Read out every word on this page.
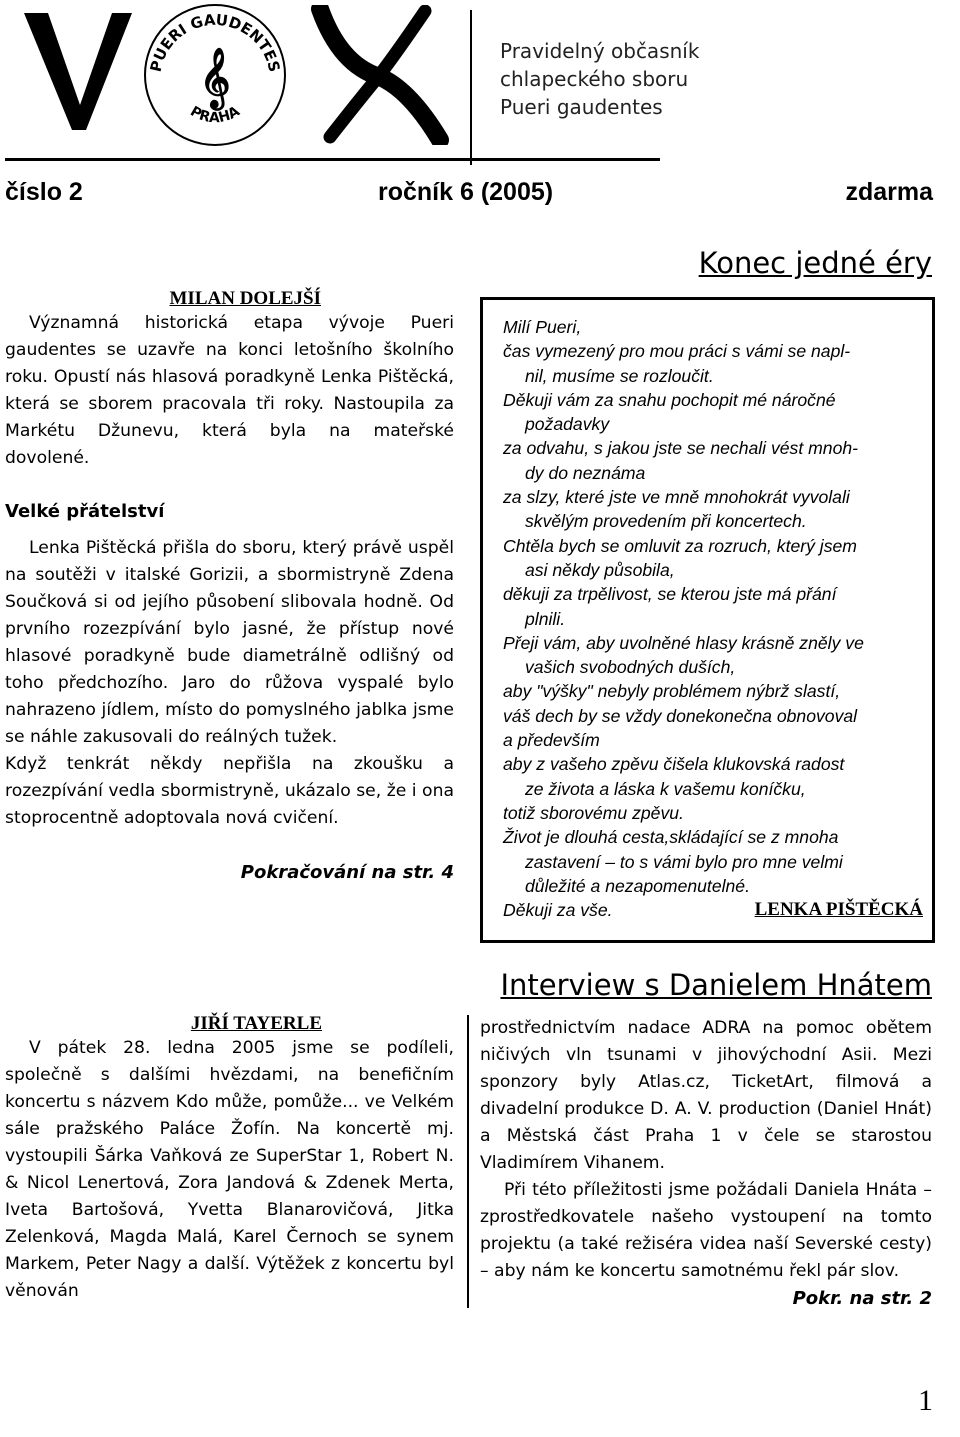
PUERI GAUDENTES
PRAHA
𝄞	Pravidelný občasník
chlapeckého sboru
Pueri gaudentes
číslo 2	ročník 6 (2005)	zdarma
MILAN DOLEJŠÍ
Významná historická etapa vývoje Pueri gaudentes se uzavře na konci letošního školního roku. Opustí nás hlasová poradkyně Lenka Pištěcká, která se sborem pracovala tři roky. Nastoupila za Markétu Džunevu, která byla na mateřské dovolené.
Velké přátelství
Lenka Pištěcká přišla do sboru, který právě uspěl na soutěži v italské Gorizii, a sbormistryně Zdena Součková si od jejího působení slibovala hodně. Od prvního rozezpívání bylo jasné, že přístup nové hlasové poradkyně bude diametrálně odlišný od toho předchozího. Jaro do růžova vyspalé bylo nahrazeno jídlem, místo do pomyslného jablka jsme se náhle zakusovali do reálných tužek.
Když tenkrát někdy nepřišla na zkoušku a rozezpívání vedla sbormistryně, ukázalo se, že i ona stoprocentně adoptovala nová cvičení.
Pokračování na str. 4
Konec jedné éry
Milí Pueri,
čas vymezený pro mou práci s vámi se napl-
nil, musíme se rozloučit.
Děkuji vám za snahu pochopit mé náročné
požadavky
za odvahu, s jakou jste se nechali vést mnoh-
dy do neznáma
za slzy, které jste ve mně mnohokrát vyvolali
skvělým provedením při koncertech.
Chtěla bych se omluvit za rozruch, který jsem
asi někdy působila,
děkuji za trpělivost, se kterou jste má přání
plnili.
Přeji vám, aby uvolněné hlasy krásně zněly ve
vašich svobodných duších,
aby "výšky" nebyly problémem nýbrž slastí,
váš dech by se vždy donekonečna obnovoval
a především
aby z vašeho zpěvu čišela klukovská radost
ze života a láska k vašemu koníčku,
totiž sborovému zpěvu.
Život je dlouhá cesta,skládající se z mnoha
zastavení – to s vámi bylo pro mne velmi
důležité a nezapomenutelné.
Děkuji za vše.	LENKA PIŠTĚCKÁ
Interview s Danielem Hnátem
JIŘÍ TAYERLE
V pátek 28. ledna 2005 jsme se podíleli, společně s dalšími hvězdami, na benefičním koncertu s názvem Kdo může, pomůže... ve Velkém sále pražského Paláce Žofín. Na koncertě mj. vystoupili Šárka Vaňková ze SuperStar 1, Robert N. & Nicol Lenertová, Zora Jandová & Zdenek Merta, Iveta Bartošová, Yvetta Blanarovičová, Jitka Zelenková, Magda Malá, Karel Černoch se synem Markem, Peter Nagy a další. Výtěžek z koncertu byl věnován
prostřednictvím nadace ADRA na pomoc obětem ničivých vln tsunami v jihovýchodní Asii. Mezi sponzory byly Atlas.cz, TicketArt, filmová a divadelní produkce D. A. V. production (Daniel Hnát) a Městská část Praha 1 v čele se starostou Vladimírem Vihanem.
Při této příležitosti jsme požádali Daniela Hnáta – zprostředkovatele našeho vystoupení na tomto projektu (a také režiséra videa naší Severské cesty) – aby nám ke koncertu samotnému řekl pár slov.
Pokr. na str. 2
1
